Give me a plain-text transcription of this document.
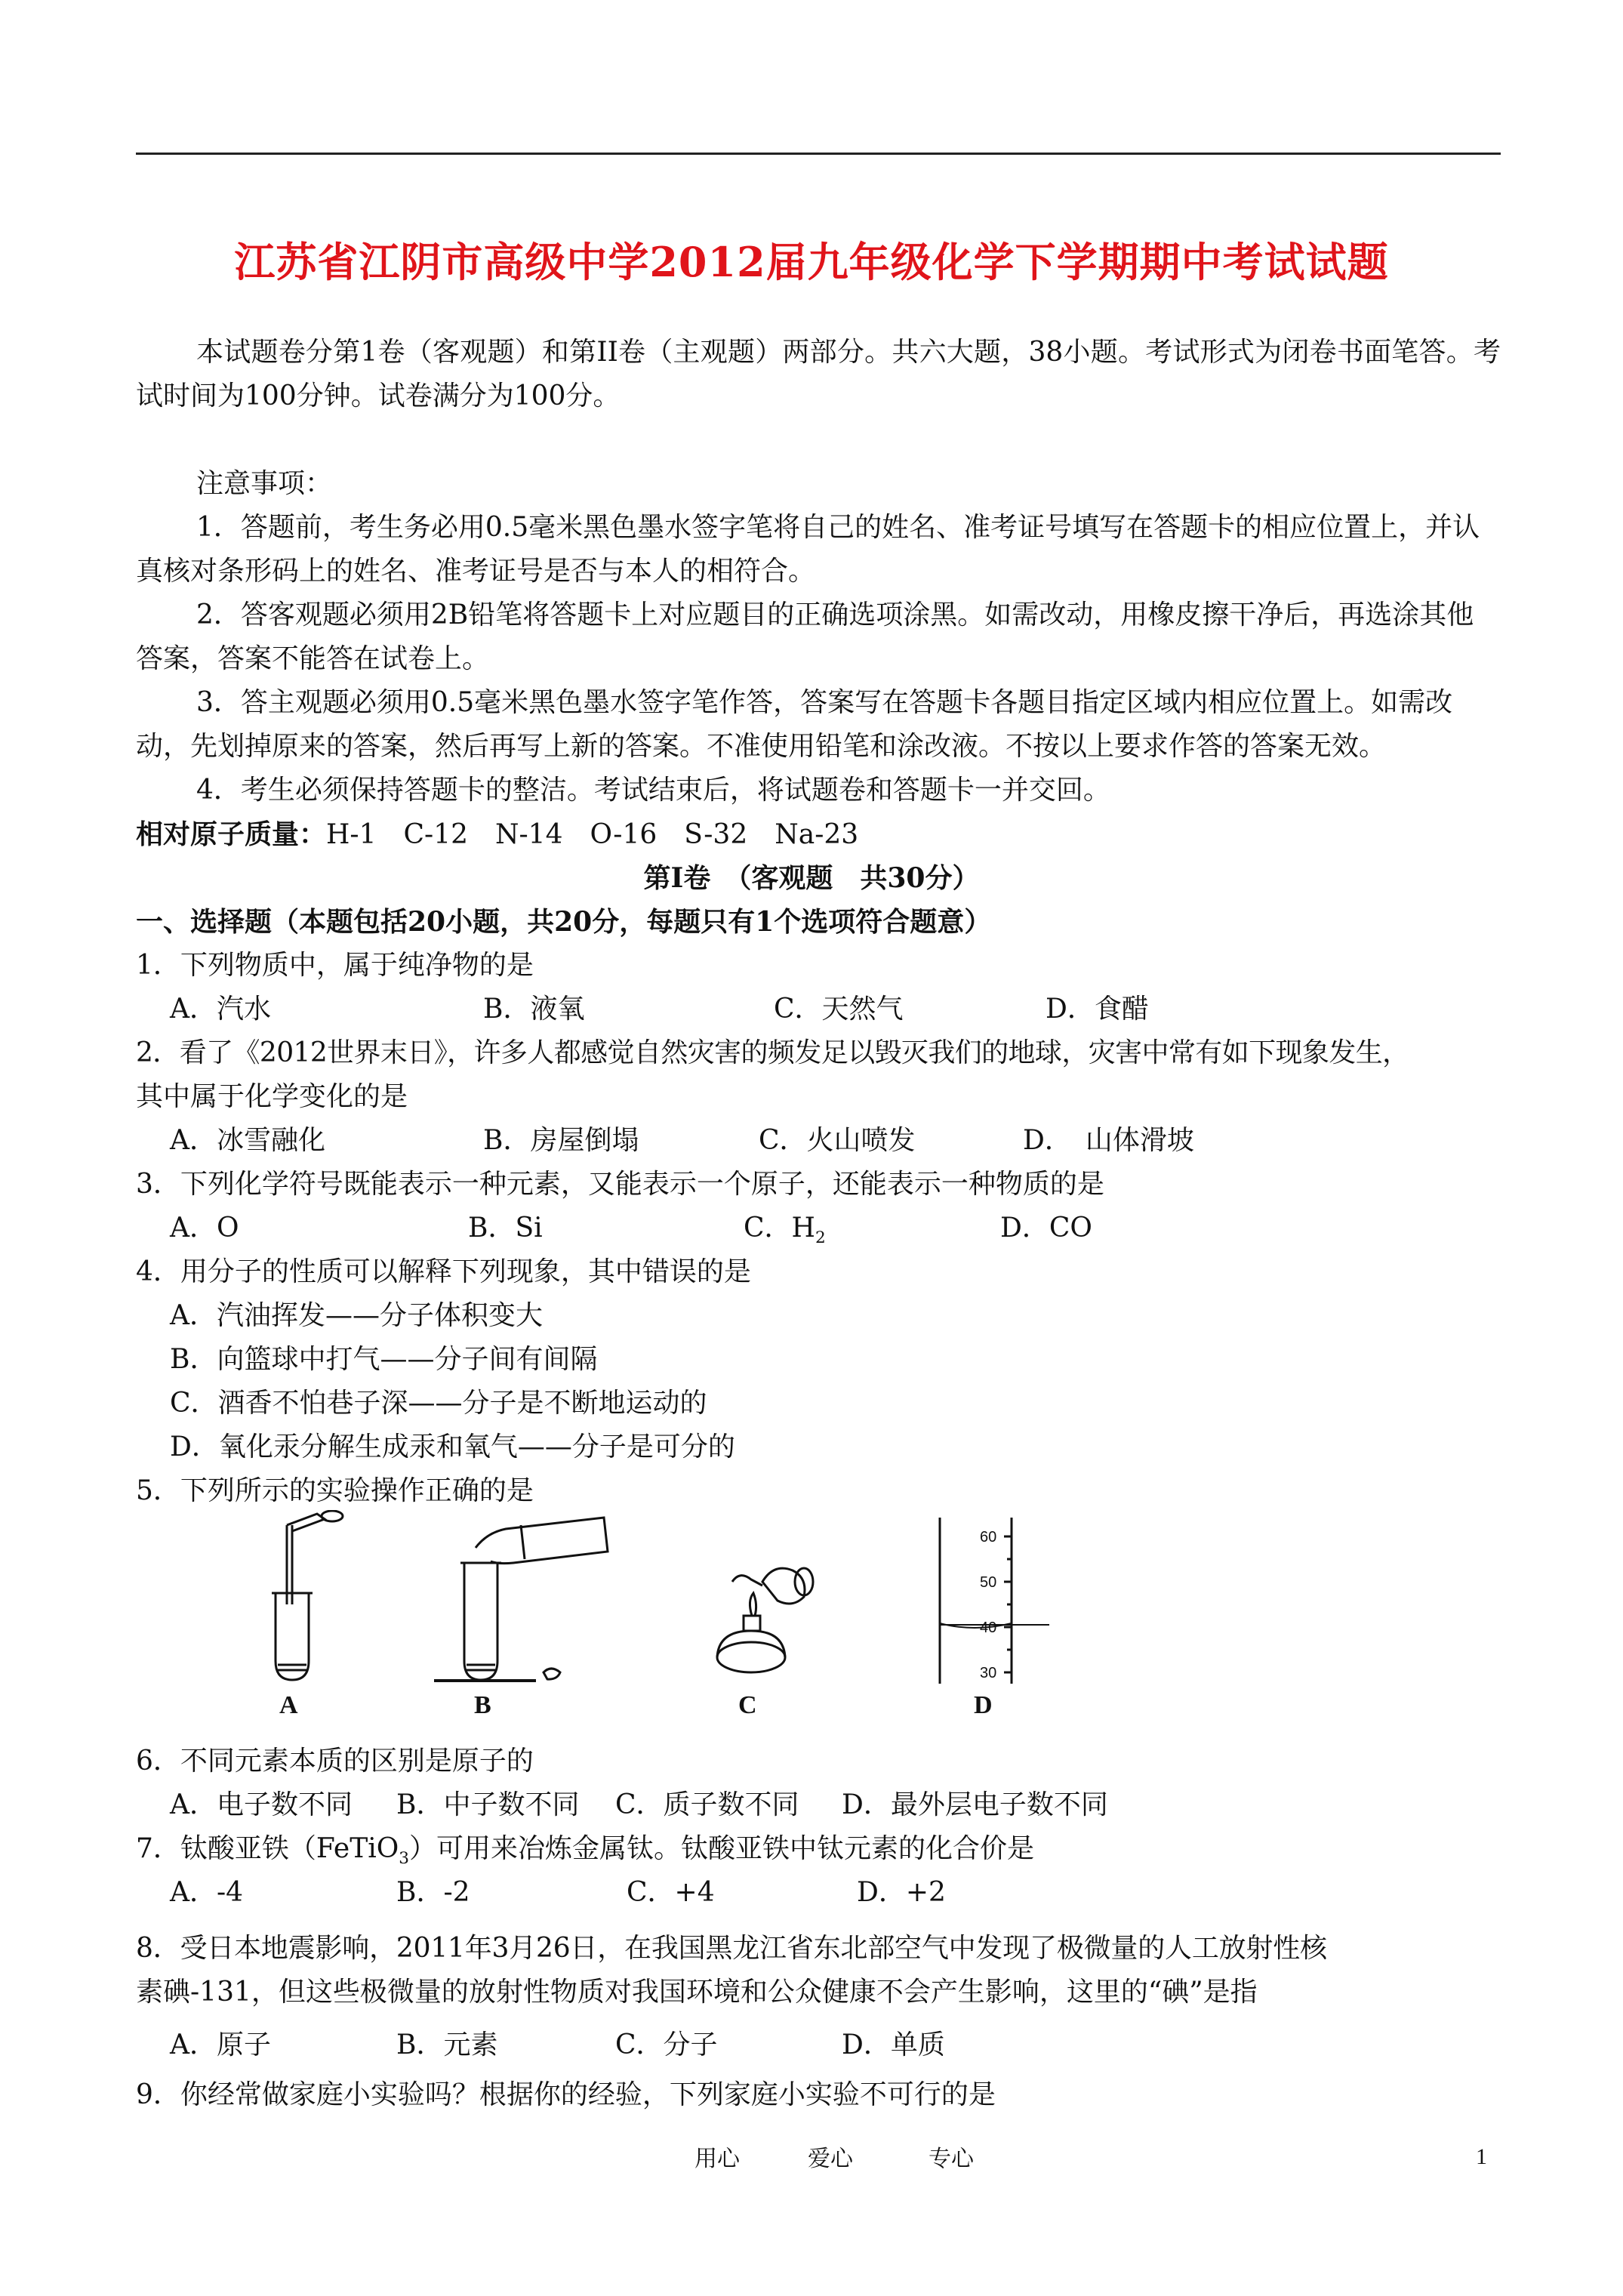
江苏省江阴市高级中学2012届九年级化学下学期期中考试试题
本试题卷分第1卷（客观题）和第II卷（主观题）两部分。共六大题，38小题。考试形式为闭卷书面笔答。考试时间为100分钟。试卷满分为100分。
注意事项：
1．答题前，考生务必用0.5毫米黑色墨水签字笔将自己的姓名、准考证号填写在答题卡的相应位置上，并认真核对条形码上的姓名、准考证号是否与本人的相符合。
2．答客观题必须用2B铅笔将答题卡上对应题目的正确选项涂黑。如需改动，用橡皮擦干净后，再选涂其他答案，答案不能答在试卷上。
3．答主观题必须用0.5毫米黑色墨水签字笔作答，答案写在答题卡各题目指定区域内相应位置上。如需改动，先划掉原来的答案，然后再写上新的答案。不准使用铅笔和涂改液。不按以上要求作答的答案无效。
4．考生必须保持答题卡的整洁。考试结束后，将试题卷和答题卡一并交回。
相对原子质量：H-1　C-12　N-14　O-16　S-32　Na-23
第Ⅰ卷　（客观题　共30分）
一、选择题（本题包括20小题，共20分，每题只有1个选项符合题意）
1．下列物质中，属于纯净物的是
A．汽水	B．液氧	C．天然气	D．食醋
2．看了《2012世界末日》，许多人都感觉自然灾害的频发足以毁灭我们的地球，灾害中常有如下现象发生，
其中属于化学变化的是
A．冰雪融化	B．房屋倒塌	C．火山喷发	D．　山体滑坡
3．下列化学符号既能表示一种元素，又能表示一个原子，还能表示一种物质的是
A．O	B．Si	C．$H_2$	D．CO
4．用分子的性质可以解释下列现象，其中错误的是
A．汽油挥发——分子体积变大
B．向篮球中打气——分子间有间隔
C．酒香不怕巷子深——分子是不断地运动的
D．氧化汞分解生成汞和氧气——分子是可分的
5．下列所示的实验操作正确的是
A	B	C
60
50
40
30
D
6．不同元素本质的区别是原子的
A．电子数不同 B．中子数不同 C．质子数不同 D．最外层电子数不同
7．钛酸亚铁（FeTiO$_3$）可用来冶炼金属钛。钛酸亚铁中钛元素的化合价是
A．-4	B．-2	C．+4	D．+2
8．受日本地震影响，2011年3月26日，在我国黑龙江省东北部空气中发现了极微量的人工放射性核
素碘-131，但这些极微量的放射性物质对我国环境和公众健康不会产生影响，这里的“碘”是指
A．原子	B．元素	C．分子	D．单质
9．你经常做家庭小实验吗？根据你的经验，下列家庭小实验不可行的是
用心	爱心	专心	1
